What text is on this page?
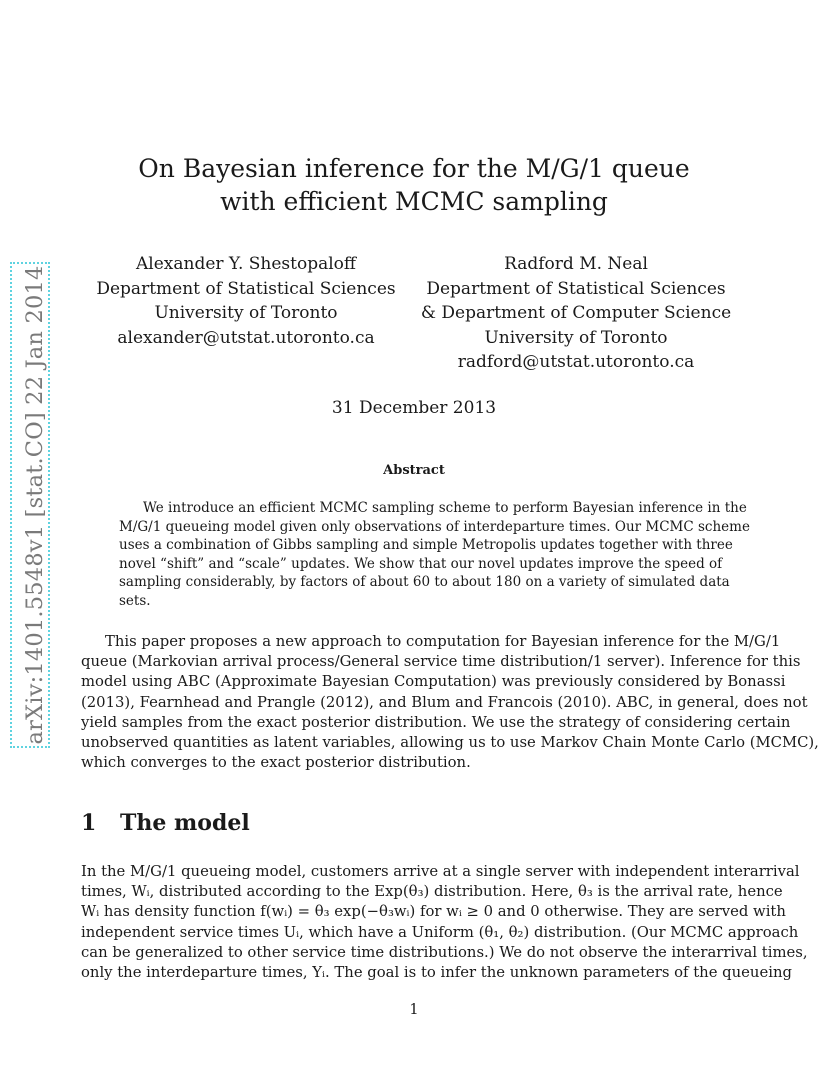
arXiv:1401.5548v1 [stat.CO] 22 Jan 2014
On Bayesian inference for the M/G/1 queue
with efficient MCMC sampling
Alexander Y. Shestopaloff
Department of Statistical Sciences
University of Toronto
alexander@utstat.utoronto.ca
Radford M. Neal
Department of Statistical Sciences
& Department of Computer Science
University of Toronto
radford@utstat.utoronto.ca
31 December 2013
Abstract
We introduce an efficient MCMC sampling scheme to perform Bayesian inference in the
M/G/1 queueing model given only observations of interdeparture times. Our MCMC scheme
uses a combination of Gibbs sampling and simple Metropolis updates together with three
novel “shift” and “scale” updates. We show that our novel updates improve the speed of
sampling considerably, by factors of about 60 to about 180 on a variety of simulated data
sets.
This paper proposes a new approach to computation for Bayesian inference for the M/G/1
queue (Markovian arrival process/General service time distribution/1 server). Inference for this
model using ABC (Approximate Bayesian Computation) was previously considered by Bonassi
(2013), Fearnhead and Prangle (2012), and Blum and Francois (2010). ABC, in general, does not
yield samples from the exact posterior distribution. We use the strategy of considering certain
unobserved quantities as latent variables, allowing us to use Markov Chain Monte Carlo (MCMC),
which converges to the exact posterior distribution.
1 The model
In the M/G/1 queueing model, customers arrive at a single server with independent interarrival
times, Wᵢ, distributed according to the Exp(θ₃) distribution. Here, θ₃ is the arrival rate, hence
Wᵢ has density function f(wᵢ) = θ₃ exp(−θ₃wᵢ) for wᵢ ≥ 0 and 0 otherwise. They are served with
independent service times Uᵢ, which have a Uniform (θ₁, θ₂) distribution. (Our MCMC approach
can be generalized to other service time distributions.) We do not observe the interarrival times,
only the interdeparture times, Yᵢ. The goal is to infer the unknown parameters of the queueing
1
